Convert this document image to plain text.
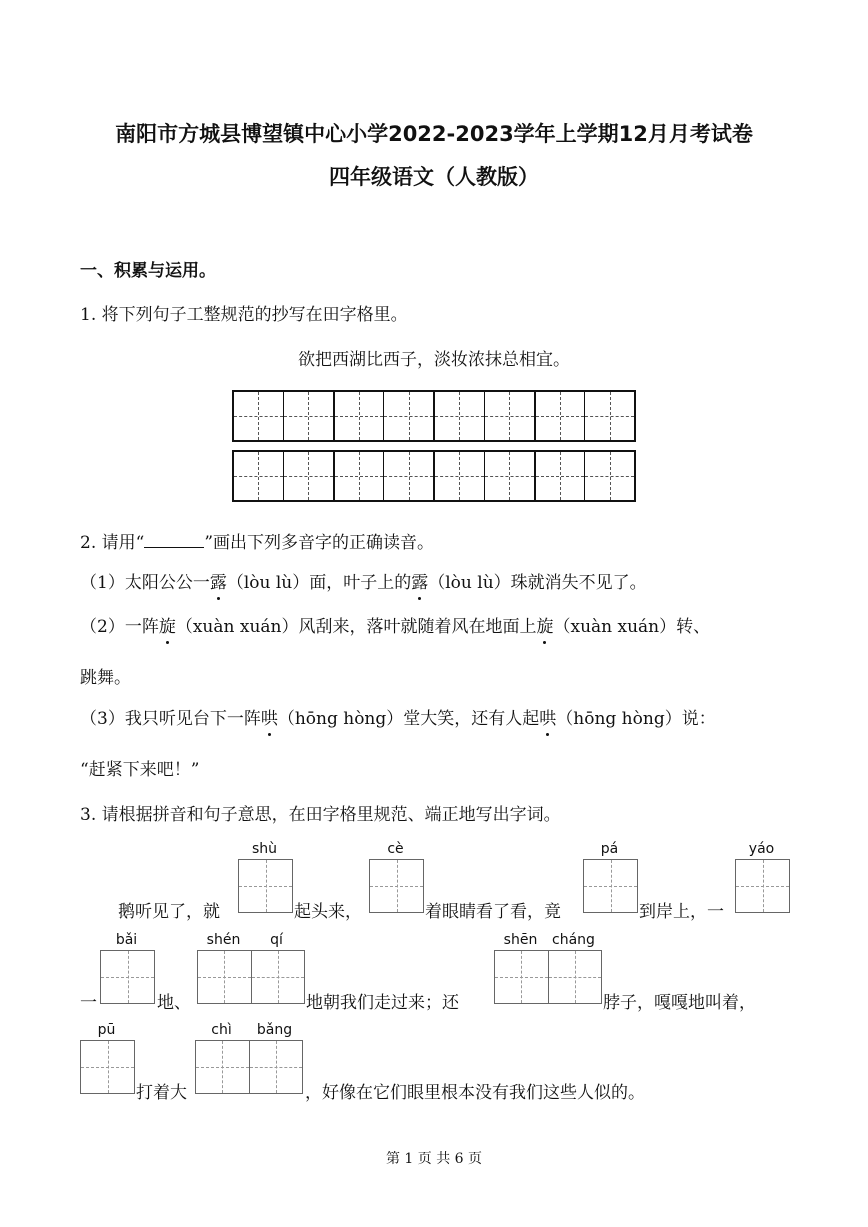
南阳市方城县博望镇中心小学2022-2023学年上学期12月月考试卷
四年级语文（人教版）
一、积累与运用。
1. 将下列句子工整规范的抄写在田字格里。
欲把西湖比西子，淡妆浓抹总相宜。
2. 请用“	”画出下列多音字的正确读音。
（1）太阳公公一露（lòu lù）面，叶子上的露（lòu lù）珠就消失不见了。
（2）一阵旋（xuàn xuán）风刮来，落叶就随着风在地面上旋（xuàn xuán）转、
跳舞。
（3）我只听见台下一阵哄（hōng hòng）堂大笑，还有人起哄（hōng hòng）说：
“赶紧下来吧！”
3. 请根据拼音和句子意思，在田字格里规范、端正地写出字词。
鹅听见了，就
shù
起头来，
cè
着眼睛看了看，竟
pá
到岸上，一
yáo
一
bǎi
地、
shén	qí
地朝我们走过来；还
shēn	cháng
脖子，嘎嘎地叫着，
pū
打着大
chì	bǎng
，好像在它们眼里根本没有我们这些人似的。
第 1 页 共 6 页
